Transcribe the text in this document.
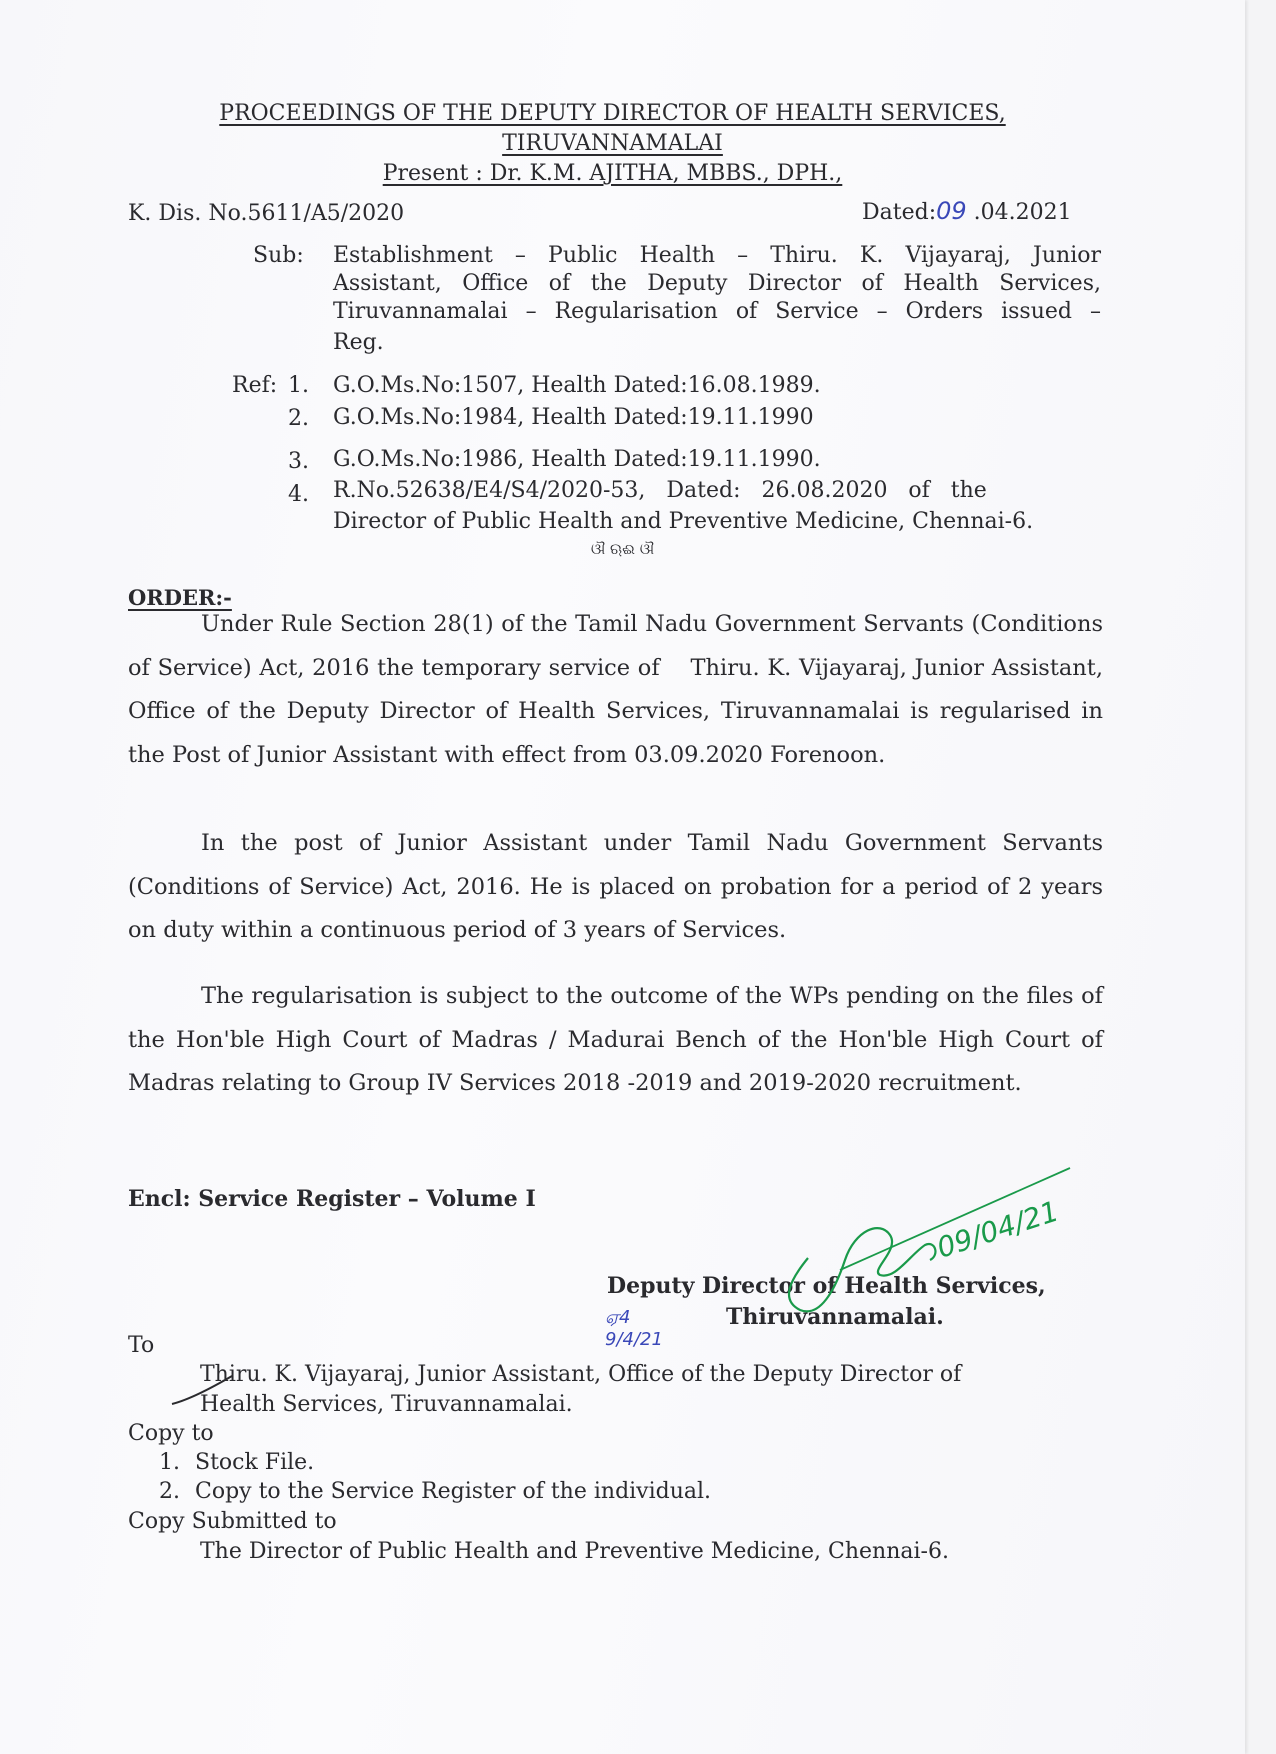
PROCEEDINGS OF THE DEPUTY DIRECTOR OF HEALTH SERVICES,
TIRUVANNAMALAI
Present : Dr. K.M. AJITHA, MBBS., DPH.,
K. Dis. No.5611/A5/2020	Dated:09 .04.2021
Sub: Establishment – Public Health – Thiru. K. Vijayaraj, Junior
Assistant, Office of the Deputy Director of Health Services,
Tiruvannamalai – Regularisation of Service – Orders issued –
Reg.
Ref: 1. G.O.Ms.No:1507, Health Dated:16.08.1989.
2. G.O.Ms.No:1984, Health Dated:19.11.1990
3. G.O.Ms.No:1986, Health Dated:19.11.1990.
4. R.No.52638/E4/S4/2020-53,   Dated:   26.08.2020   of   the
Director of Public Health and Preventive Medicine, Chennai-6.
ଔ ଋଈ ଔ
ORDER:-
Under Rule Section 28(1) of the Tamil Nadu Government Servants (Conditions of Service) Act, 2016 the temporary service of    Thiru. K. Vijayaraj, Junior Assistant, Office of the Deputy Director of Health Services, Tiruvannamalai is regularised in the Post of Junior Assistant with effect from 03.09.2020 Forenoon.
In the post of Junior Assistant under Tamil Nadu Government Servants (Conditions of Service) Act, 2016. He is placed on probation for a period of 2 years on duty within a continuous period of 3 years of Services.
The regularisation is subject to the outcome of the WPs pending on the files of the Hon'ble High Court of Madras / Madurai Bench of the Hon'ble High Court of Madras relating to Group IV Services 2018 -2019 and 2019-2020 recruitment.
Encl: Service Register – Volume I
Deputy Director of Health Services,
Thiruvannamalai.
09/04/21
ஏ4
9/4/21
To
Thiru. K. Vijayaraj, Junior Assistant, Office of the Deputy Director of
Health Services, Tiruvannamalai.
Copy to
1. Stock File.
2. Copy to the Service Register of the individual.
Copy Submitted to
The Director of Public Health and Preventive Medicine, Chennai-6.
